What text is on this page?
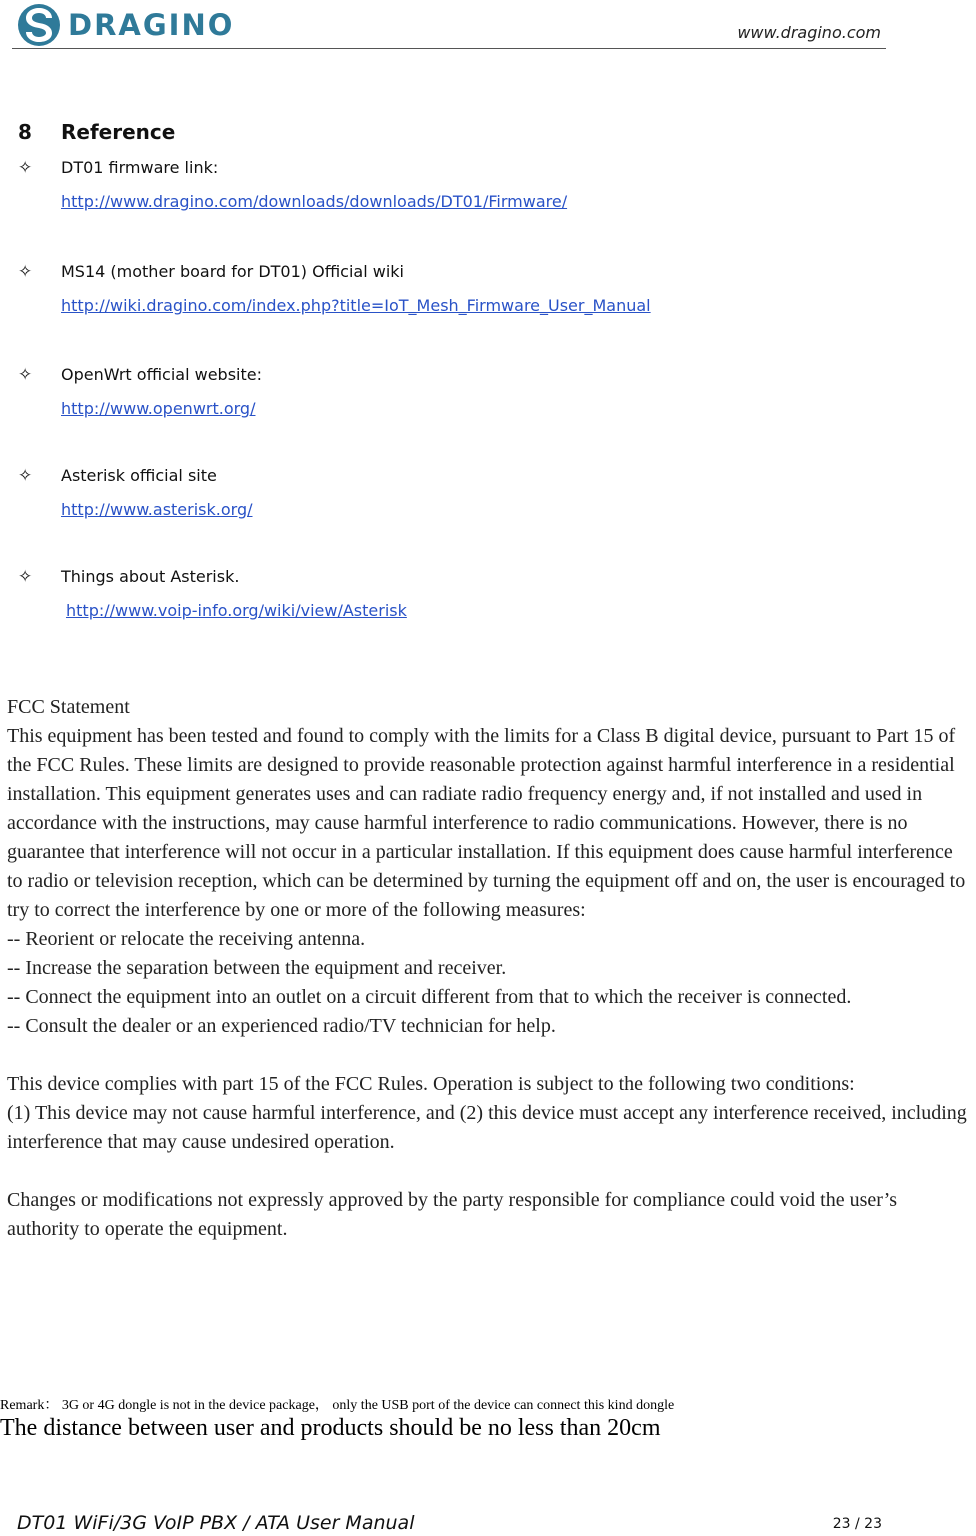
DRAGINO	www.dragino.com
8 Reference
✧ DT01 firmware link:
http://www.dragino.com/downloads/downloads/DT01/Firmware/
✧ MS14 (mother board for DT01) Official wiki
http://wiki.dragino.com/index.php?title=IoT_Mesh_Firmware_User_Manual
✧ OpenWrt official website:
http://www.openwrt.org/
✧ Asterisk official site
http://www.asterisk.org/
✧ Things about Asterisk.
http://www.voip-info.org/wiki/view/Asterisk

FCC Statement

This equipment has been tested and found to comply with the limits for a Class B digital device, pursuant to Part 15 of the FCC Rules. These limits are designed to provide reasonable protection against harmful interference in a residential installation. This equipment generates uses and can radiate radio frequency energy and, if not installed and used in accordance with the instructions, may cause harmful interference to radio communications. However, there is no guarantee that interference will not occur in a particular installation. If this equipment does cause harmful interference to radio or television reception, which can be determined by turning the equipment off and on, the user is encouraged to try to correct the interference by one or more of the following measures:

-- Reorient or relocate the receiving antenna.

-- Increase the separation between the equipment and receiver.

-- Connect the equipment into an outlet on a circuit different from that to which the receiver is connected.

-- Consult the dealer or an experienced radio/TV technician for help.

This device complies with part 15 of the FCC Rules. Operation is subject to the following two conditions:

(1) This device may not cause harmful interference, and (2) this device must accept any interference received, including interference that may cause undesired operation.

Changes or modifications not expressly approved by the party responsible for compliance could void the user’s authority to operate the equipment.

Remark： 3G or 4G dongle is not in the device package， only the USB port of the device can connect this kind dongle
The distance between user and products should be no less than 20cm
DT01 WiFi/3G VoIP PBX / ATA User Manual	23 / 23
